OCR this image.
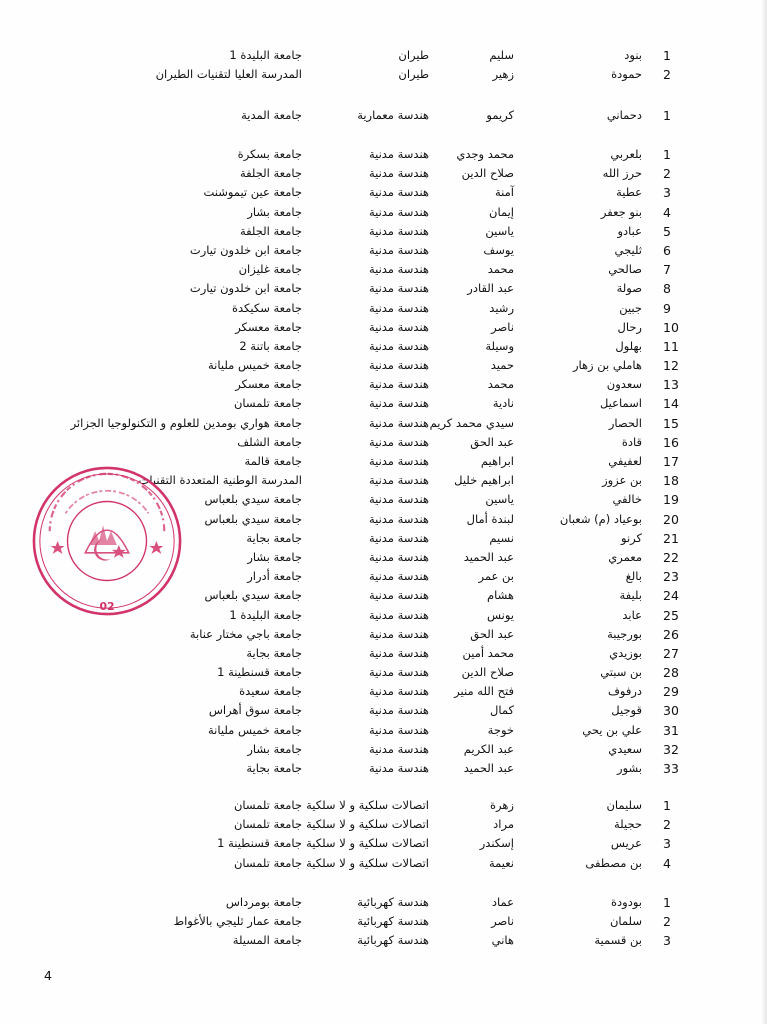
1
بنود
سليم
طيران
جامعة البليدة 1
2
حمودة
زهير
طيران
المدرسة العليا لتقنيات الطيران
1
دحماني
كريمو
هندسة معمارية
جامعة المدية
1
بلعربي
محمد وجدي
هندسة مدنية
جامعة بسكرة
2
حرز الله
صلاح الدين
هندسة مدنية
جامعة الجلفة
3
عطية
آمنة
هندسة مدنية
جامعة عين تيموشنت
4
بنو جعفر
إيمان
هندسة مدنية
جامعة بشار
5
عبادو
ياسين
هندسة مدنية
جامعة الجلفة
6
ثليجي
يوسف
هندسة مدنية
جامعة ابن خلدون تيارت
7
صالحي
محمد
هندسة مدنية
جامعة غليزان
8
صولة
عبد القادر
هندسة مدنية
جامعة ابن خلدون تيارت
9
جبين
رشيد
هندسة مدنية
جامعة سكيكدة
10
رحال
ناصر
هندسة مدنية
جامعة معسكر
11
بهلول
وسيلة
هندسة مدنية
جامعة باتنة 2
12
هاملي بن زهار
حميد
هندسة مدنية
جامعة خميس مليانة
13
سعدون
محمد
هندسة مدنية
جامعة معسكر
14
اسماعيل
نادية
هندسة مدنية
جامعة تلمسان
15
الحصار
سيدي محمد كريم
هندسة مدنية
جامعة هواري بومدين للعلوم و التكنولوجيا الجزائر
16
قادة
عبد الحق
هندسة مدنية
جامعة الشلف
17
لعفيفي
ابراهيم
هندسة مدنية
جامعة قالمة
18
بن عزوز
ابراهيم خليل
هندسة مدنية
المدرسة الوطنية المتعددة التقنيات
19
خالفي
ياسين
هندسة مدنية
جامعة سيدي بلعباس
20
بوعياد (م) شعبان
لبندة أمال
هندسة مدنية
جامعة سيدي بلعباس
21
كرنو
نسيم
هندسة مدنية
جامعة بجاية
22
معمري
عبد الحميد
هندسة مدنية
جامعة بشار
23
بالغ
بن عمر
هندسة مدنية
جامعة أدرار
24
بليفة
هشام
هندسة مدنية
جامعة سيدي بلعباس
25
عابد
يونس
هندسة مدنية
جامعة البليدة 1
26
بورجيبة
عبد الحق
هندسة مدنية
جامعة باجي مختار عنابة
27
بوزيدي
محمد أمين
هندسة مدنية
جامعة بجاية
28
بن سبتي
صلاح الدين
هندسة مدنية
جامعة قسنطينة 1
29
درفوف
فتح الله منير
هندسة مدنية
جامعة سعيدة
30
قوجيل
كمال
هندسة مدنية
جامعة سوق أهراس
31
علي بن يحي
خوجة
هندسة مدنية
جامعة خميس مليانة
32
سعيدي
عبد الكريم
هندسة مدنية
جامعة بشار
33
بشور
عبد الحميد
هندسة مدنية
جامعة بجاية
1
سليمان
زهرة
اتصالات سلكية و لا سلكية
جامعة تلمسان
2
حجيلة
مراد
اتصالات سلكية و لا سلكية
جامعة تلمسان
3
عريس
إسكندر
اتصالات سلكية و لا سلكية
جامعة قسنطينة 1
4
بن مصطفى
نعيمة
اتصالات سلكية و لا سلكية
جامعة تلمسان
1
بودودة
عماد
هندسة كهربائية
جامعة بومرداس
2
سلمان
ناصر
هندسة كهربائية
جامعة عمار ثليجي بالأغواط
3
بن قسمية
هاني
هندسة كهربائية
جامعة المسيلة
02
4
